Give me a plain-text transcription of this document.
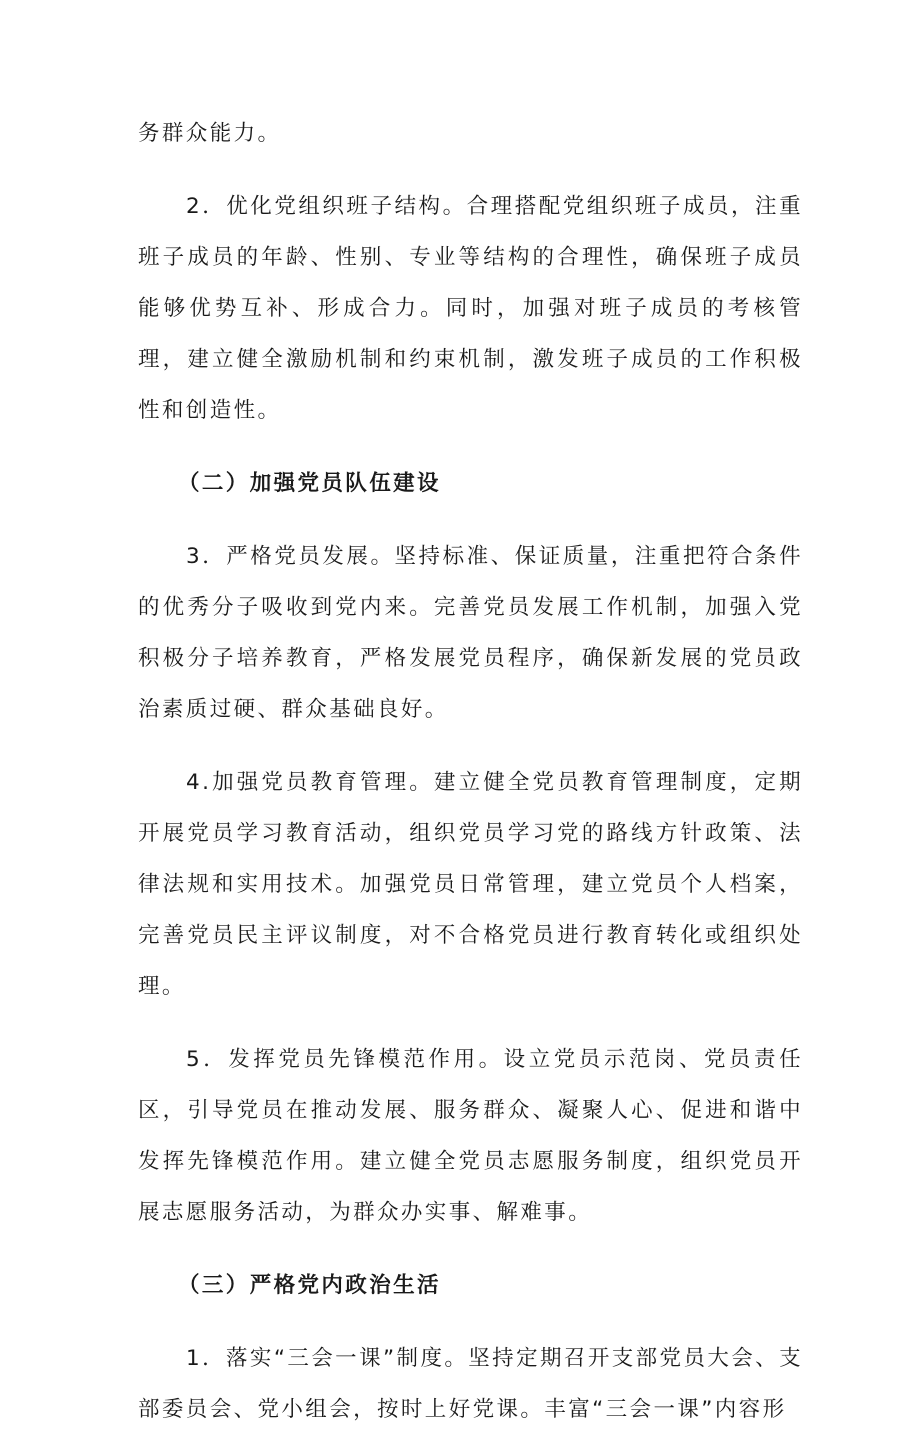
务群众能力。

2．优化党组织班子结构。合理搭配党组织班子成员，注重班子成员的年龄、性别、专业等结构的合理性，确保班子成员能够优势互补、形成合力。同时，加强对班子成员的考核管理，建立健全激励机制和约束机制，激发班子成员的工作积极性和创造性。

（二）加强党员队伍建设

3．严格党员发展。坚持标准、保证质量，注重把符合条件的优秀分子吸收到党内来。完善党员发展工作机制，加强入党积极分子培养教育，严格发展党员程序，确保新发展的党员政治素质过硬、群众基础良好。

4.加强党员教育管理。建立健全党员教育管理制度，定期开展党员学习教育活动，组织党员学习党的路线方针政策、法律法规和实用技术。加强党员日常管理，建立党员个人档案，完善党员民主评议制度，对不合格党员进行教育转化或组织处理。

5．发挥党员先锋模范作用。设立党员示范岗、党员责任区，引导党员在推动发展、服务群众、凝聚人心、促进和谐中发挥先锋模范作用。建立健全党员志愿服务制度，组织党员开展志愿服务活动，为群众办实事、解难事。

（三）严格党内政治生活

1．落实“三会一课”制度。坚持定期召开支部党员大会、支部委员会、党小组会，按时上好党课。丰富“三会一课”内容形
